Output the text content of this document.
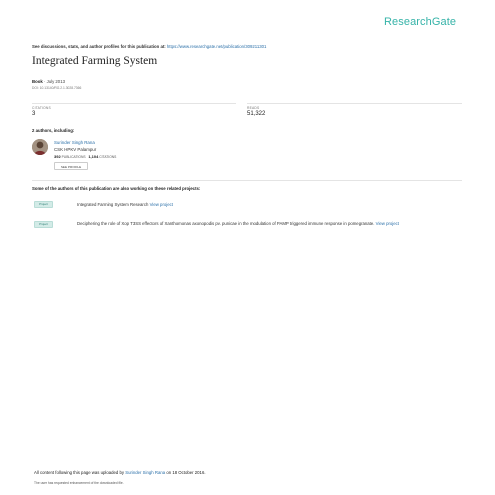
ResearchGate
See discussions, stats, and author profiles for this publication at: https://www.researchgate.net/publication/309211301
Integrated Farming System
Book · July 2013
DOI: 10.13140/RG.2.1.3028.7366
CITATIONS
3
READS
51,322
2 authors, including:
Surinder Singh Rana
CSK HPKV Palampur
392 PUBLICATIONS 1,104 CITATIONS
SEE PROFILE
Some of the authors of this publication are also working on these related projects:
Project	Integrated Farming System Research View project
Project	Deciphering the role of Xop T3SS effectors of Xanthomonas axonopodis pv. punicae in the modulation of PAMP triggered immune response in pomegranate. View project
All content following this page was uploaded by Surinder Singh Rana on 18 October 2016.
The user has requested enhancement of the downloaded file.
